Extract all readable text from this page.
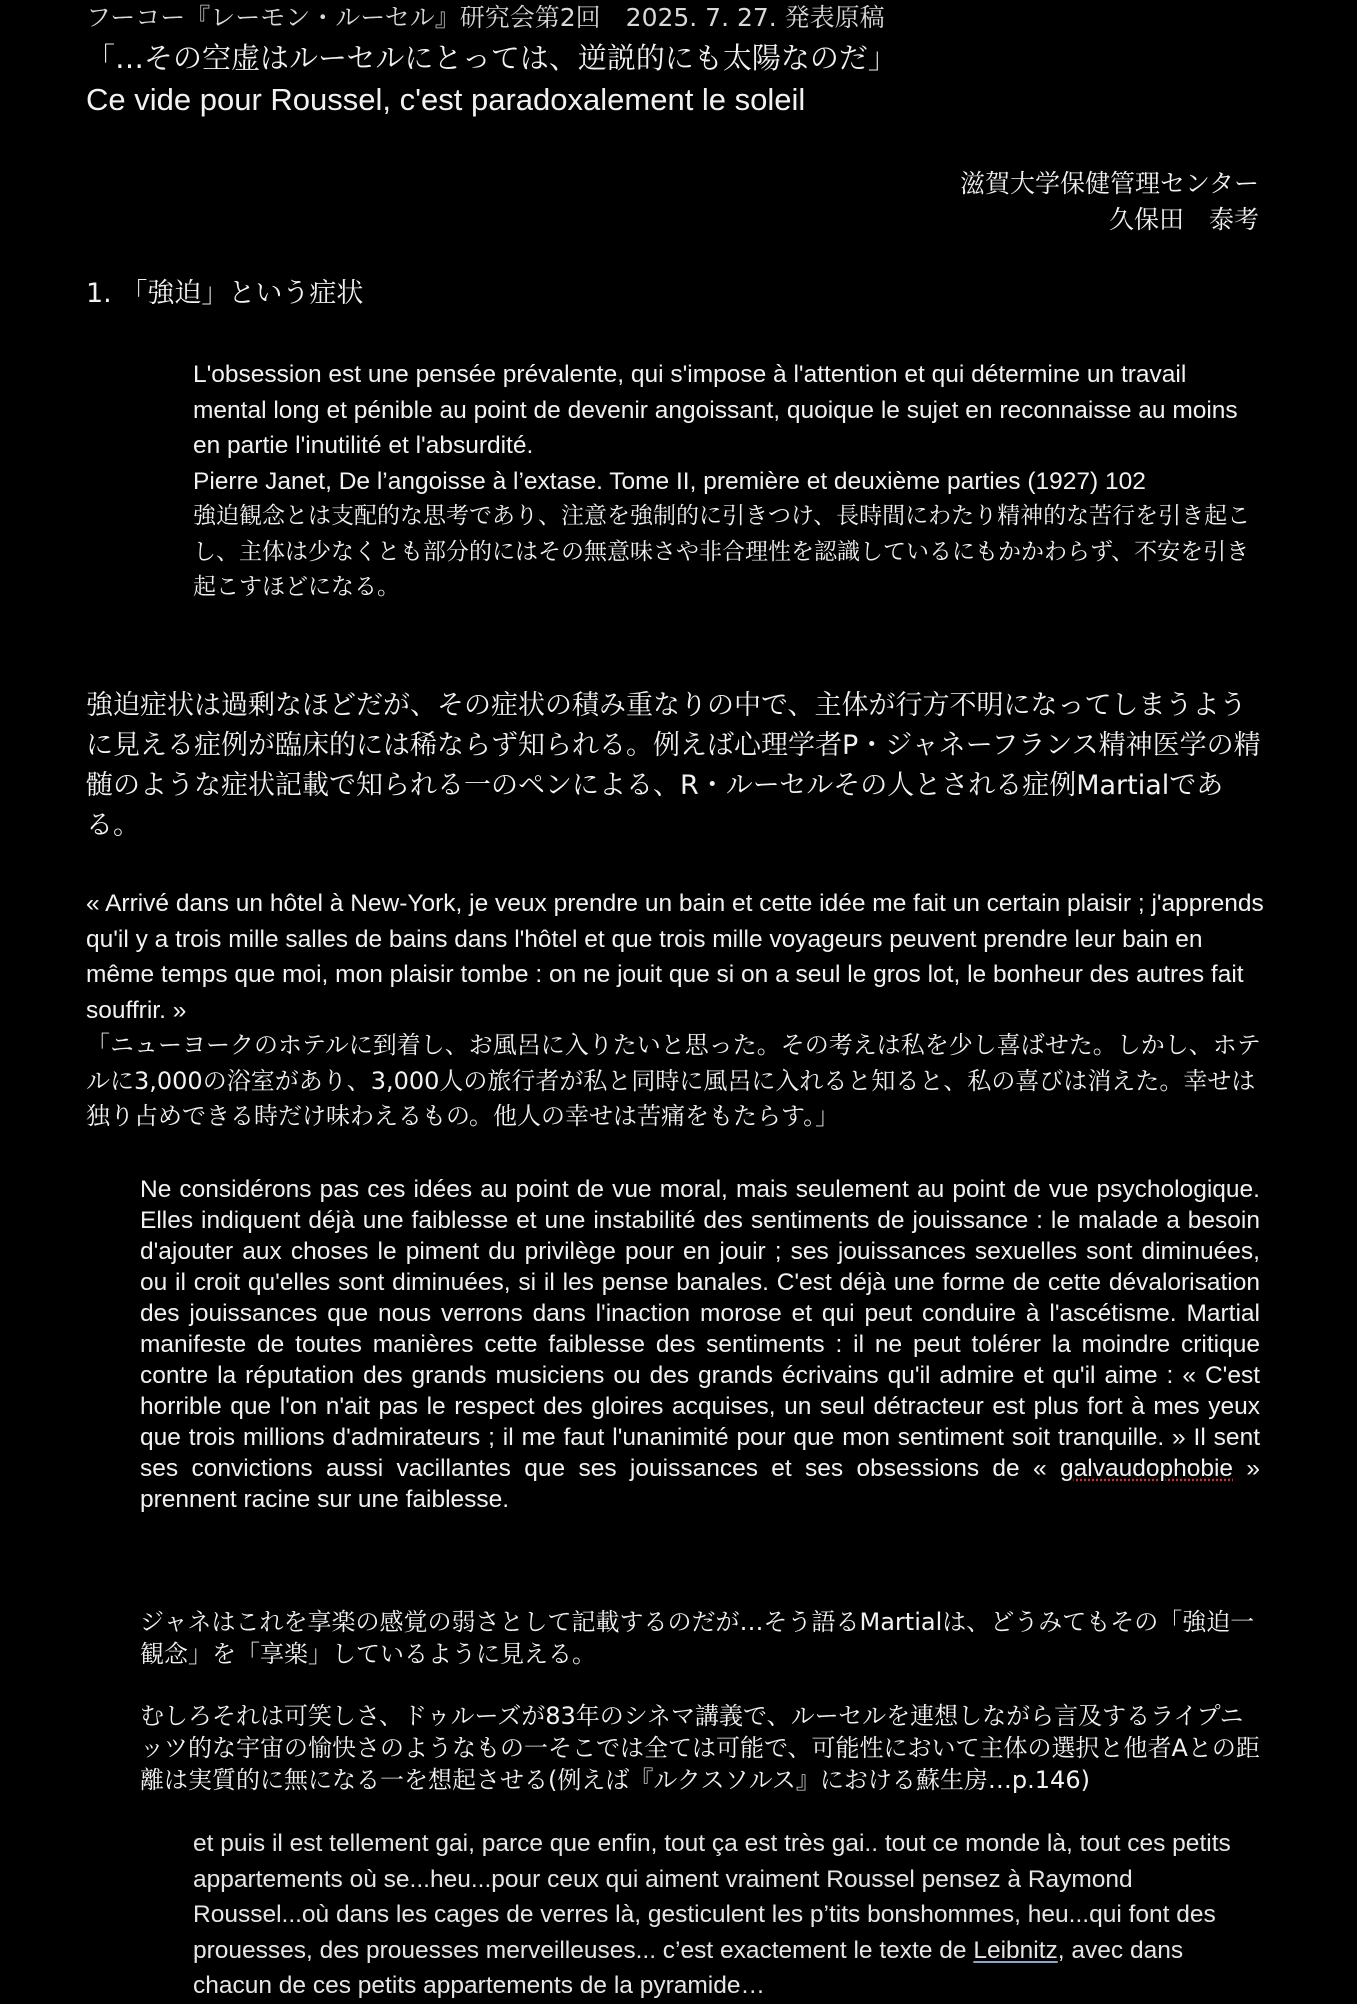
フーコー『レーモン・ルーセル』研究会第2回　2025. 7. 27. 発表原稿
「…その空虚はルーセルにとっては、逆説的にも太陽なのだ」
Ce vide pour Roussel, c'est paradoxalement le soleil
滋賀大学保健管理センター
久保田　泰考
1. 「強迫」という症状

L'obsession est une pensée prévalente, qui s'impose à l'attention et qui détermine un travail mental long et pénible au point de devenir angoissant, quoique le sujet en reconnaisse au moins en partie l'inutilité et l'absurdité.

Pierre Janet, De l’angoisse à l’extase. Tome II, première et deuxième parties (1927) 102

強迫観念とは支配的な思考であり、注意を強制的に引きつけ、長時間にわたり精神的な苦行を引き起こし、主体は少なくとも部分的にはその無意味さや非合理性を認識しているにもかかわらず、不安を引き起こすほどになる。

強迫症状は過剰なほどだが、その症状の積み重なりの中で、主体が行方不明になってしまうように見える症例が臨床的には稀ならず知られる。例えば心理学者P・ジャネーフランス精神医学の精髄のような症状記載で知られる一のペンによる、R・ルーセルその人とされる症例Martialである。

« Arrivé dans un hôtel à New-York, je veux prendre un bain et cette idée me fait un certain plaisir ; j'apprends qu'il y a trois mille salles de bains dans l'hôtel et que trois mille voyageurs peuvent prendre leur bain en même temps que moi, mon plaisir tombe : on ne jouit que si on a seul le gros lot, le bonheur des autres fait souffrir. »

「ニューヨークのホテルに到着し、お風呂に入りたいと思った。その考えは私を少し喜ばせた。しかし、ホテルに3,000の浴室があり、3,000人の旅行者が私と同時に風呂に入れると知ると、私の喜びは消えた。幸せは独り占めできる時だけ味わえるもの。他人の幸せは苦痛をもたらす。」

Ne considérons pas ces idées au point de vue moral, mais seulement au point de vue psychologique. Elles indiquent déjà une faiblesse et une instabilité des sentiments de jouissance : le malade a besoin d'ajouter aux choses le piment du privilège pour en jouir ; ses jouissances sexuelles sont diminuées, ou il croit qu'elles sont diminuées, si il les pense banales. C'est déjà une forme de cette dévalorisation des jouissances que nous verrons dans l'inaction morose et qui peut conduire à l'ascétisme. Martial manifeste de toutes manières cette faiblesse des sentiments : il ne peut tolérer la moindre critique contre la réputation des grands musiciens ou des grands écrivains qu'il admire et qu'il aime : « C'est horrible que l'on n'ait pas le respect des gloires acquises, un seul détracteur est plus fort à mes yeux que trois millions d'admirateurs ; il me faut l'unanimité pour que mon sentiment soit tranquille. » Il sent ses convictions aussi vacillantes que ses jouissances et ses obsessions de « galvaudophobie » prennent racine sur une faiblesse.

ジャネはこれを享楽の感覚の弱さとして記載するのだが…そう語るMartialは、どうみてもその「強迫一観念」を「享楽」しているように見える。

むしろそれは可笑しさ、ドゥルーズが83年のシネマ講義で、ルーセルを連想しながら言及するライプニッツ的な宇宙の愉快さのようなもの一そこでは全ては可能で、可能性において主体の選択と他者Aとの距離は実質的に無になる一を想起させる(例えば『ルクスソルス』における蘇生房…p.146)

et puis il est tellement gai, parce que enfin, tout ça est très gai.. tout ce monde là, tout ces petits appartements où se...heu...pour ceux qui aiment vraiment Roussel pensez à Raymond Roussel...où dans les cages de verres là, gesticulent les p’tits bonshommes, heu...qui font des prouesses, des prouesses merveilleuses... c’est exactement le texte de Leibnitz, avec dans chacun de ces petits appartements de la pyramide…
